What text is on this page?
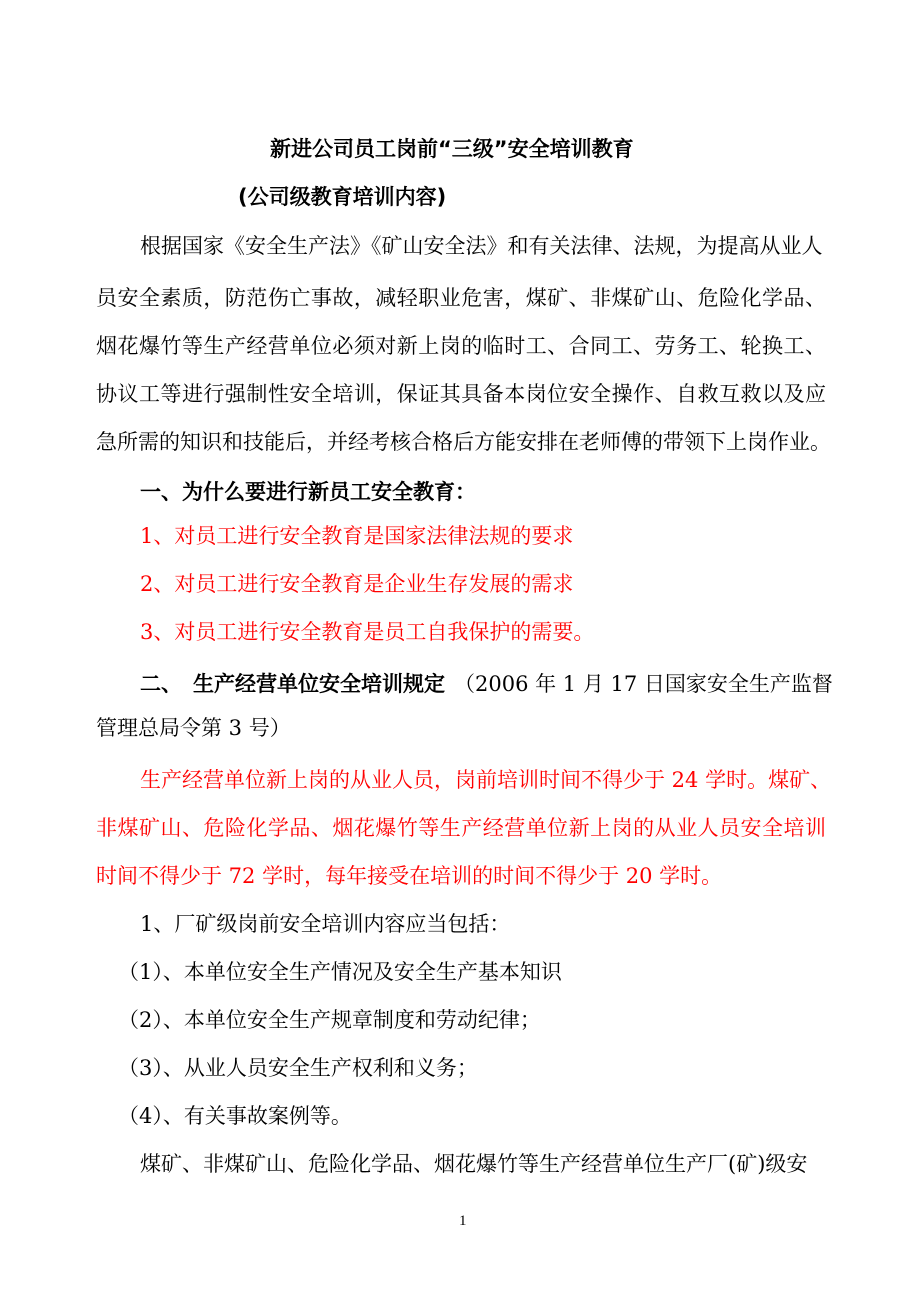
新进公司员工岗前“三级”安全培训教育
(公司级教育培训内容)
根据国家《安全生产法》《矿山安全法》和有关法律、法规，为提高从业人
员安全素质，防范伤亡事故，减轻职业危害，煤矿、非煤矿山、危险化学品、
烟花爆竹等生产经营单位必须对新上岗的临时工、合同工、劳务工、轮换工、
协议工等进行强制性安全培训，保证其具备本岗位安全操作、自救互救以及应
急所需的知识和技能后，并经考核合格后方能安排在老师傅的带领下上岗作业。
一、为什么要进行新员工安全教育：
1、对员工进行安全教育是国家法律法规的要求
2、对员工进行安全教育是企业生存发展的需求
3、对员工进行安全教育是员工自我保护的需要。
二、 生产经营单位安全培训规定 （2006 年 1 月 17 日国家安全生产监督
管理总局令第 3 号）
生产经营单位新上岗的从业人员，岗前培训时间不得少于 24 学时。煤矿、
非煤矿山、危险化学品、烟花爆竹等生产经营单位新上岗的从业人员安全培训
时间不得少于 72 学时，每年接受在培训的时间不得少于 20 学时。
1、厂矿级岗前安全培训内容应当包括：
（1）、本单位安全生产情况及安全生产基本知识
（2）、本单位安全生产规章制度和劳动纪律；
（3）、从业人员安全生产权利和义务；
（4）、有关事故案例等。
煤矿、非煤矿山、危险化学品、烟花爆竹等生产经营单位生产厂(矿)级安
1
